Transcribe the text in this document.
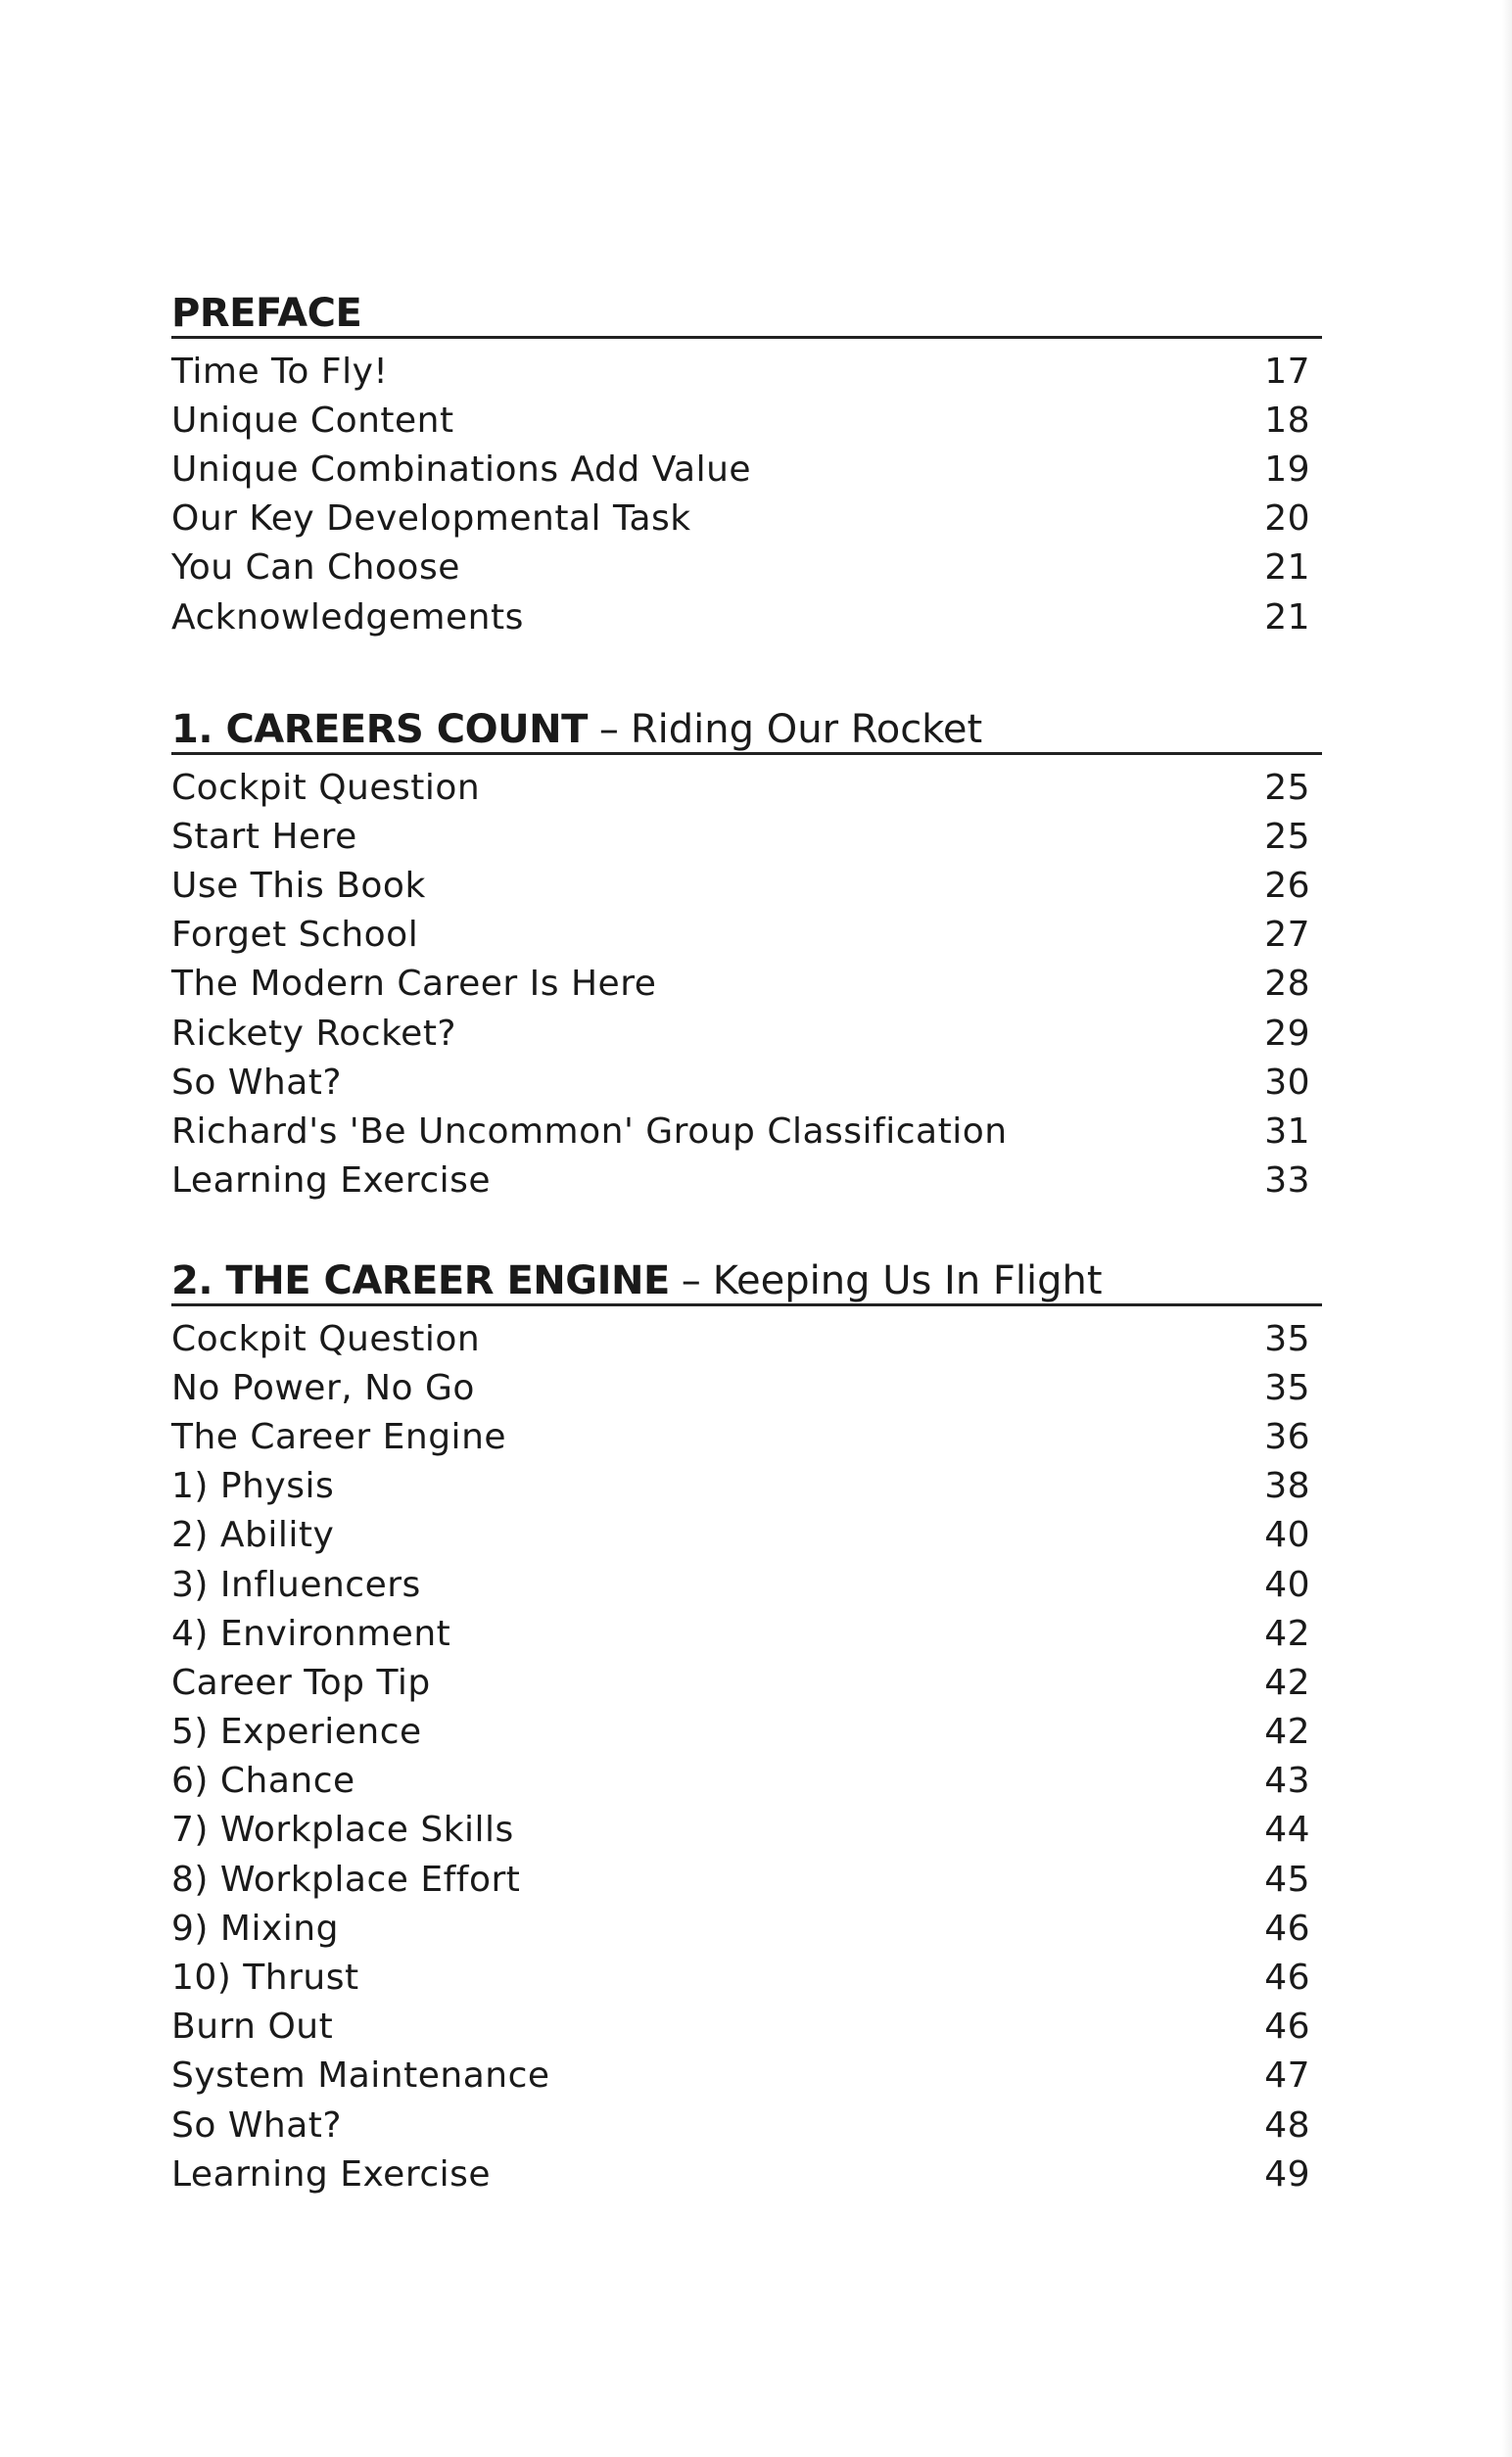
PREFACE
Time To Fly!	17
Unique Content	18
Unique Combinations Add Value	19
Our Key Developmental Task	20
You Can Choose	21
Acknowledgements	21
1. CAREERS COUNT – Riding Our Rocket
Cockpit Question	25
Start Here	25
Use This Book	26
Forget School	27
The Modern Career Is Here	28
Rickety Rocket?	29
So What?	30
Richard's 'Be Uncommon' Group Classification	31
Learning Exercise	33
2. THE CAREER ENGINE – Keeping Us In Flight
Cockpit Question	35
No Power, No Go	35
The Career Engine	36
1) Physis	38
2) Ability	40
3) Influencers	40
4) Environment	42
Career Top Tip	42
5) Experience	42
6) Chance	43
7) Workplace Skills	44
8) Workplace Effort	45
9) Mixing	46
10) Thrust	46
Burn Out	46
System Maintenance	47
So What?	48
Learning Exercise	49
